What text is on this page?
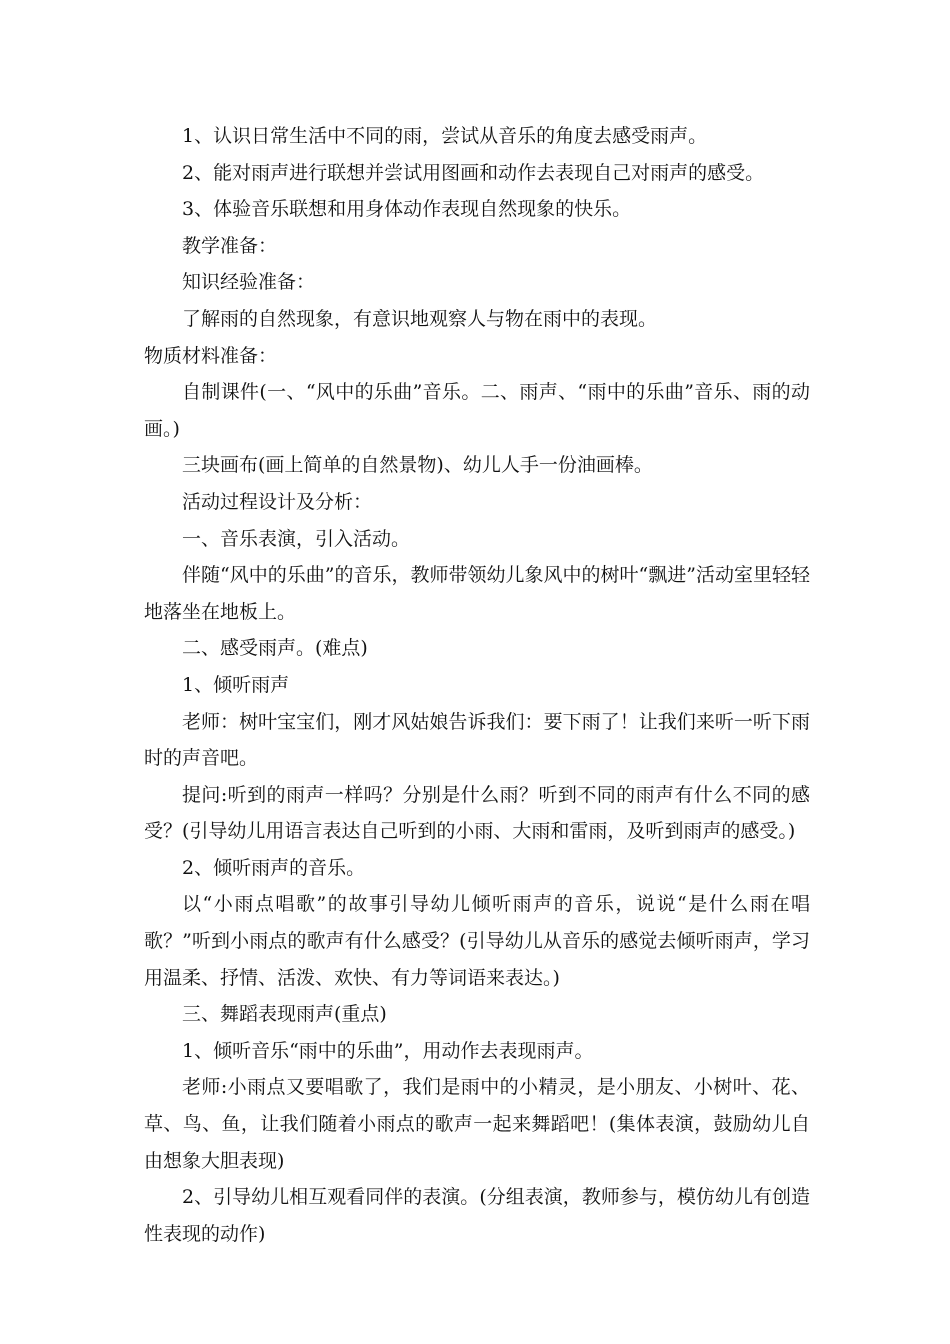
1、认识日常生活中不同的雨，尝试从音乐的角度去感受雨声。

2、能对雨声进行联想并尝试用图画和动作去表现自己对雨声的感受。

3、体验音乐联想和用身体动作表现自然现象的快乐。

教学准备：

知识经验准备：

了解雨的自然现象，有意识地观察人与物在雨中的表现。

物质材料准备：

自制课件(一、“风中的乐曲”音乐。二、雨声、“雨中的乐曲”音乐、雨的动画。)

三块画布(画上简单的自然景物)、幼儿人手一份油画棒。

活动过程设计及分析：

一、音乐表演，引入活动。

伴随“风中的乐曲”的音乐，教师带领幼儿象风中的树叶“飘进”活动室里轻轻地落坐在地板上。

二、感受雨声。(难点)

1、倾听雨声

老师：树叶宝宝们，刚才风姑娘告诉我们：要下雨了！让我们来听一听下雨时的声音吧。

提问:听到的雨声一样吗？分别是什么雨？听到不同的雨声有什么不同的感受？(引导幼儿用语言表达自己听到的小雨、大雨和雷雨，及听到雨声的感受。)

2、倾听雨声的音乐。

以“小雨点唱歌”的故事引导幼儿倾听雨声的音乐，说说“是什么雨在唱歌？”听到小雨点的歌声有什么感受？(引导幼儿从音乐的感觉去倾听雨声，学习用温柔、抒情、活泼、欢快、有力等词语来表达。)

三、舞蹈表现雨声(重点)

1、倾听音乐“雨中的乐曲”，用动作去表现雨声。

老师:小雨点又要唱歌了，我们是雨中的小精灵，是小朋友、小树叶、花、草、鸟、鱼，让我们随着小雨点的歌声一起来舞蹈吧！(集体表演，鼓励幼儿自由想象大胆表现)

2、引导幼儿相互观看同伴的表演。(分组表演，教师参与，模仿幼儿有创造性表现的动作)
